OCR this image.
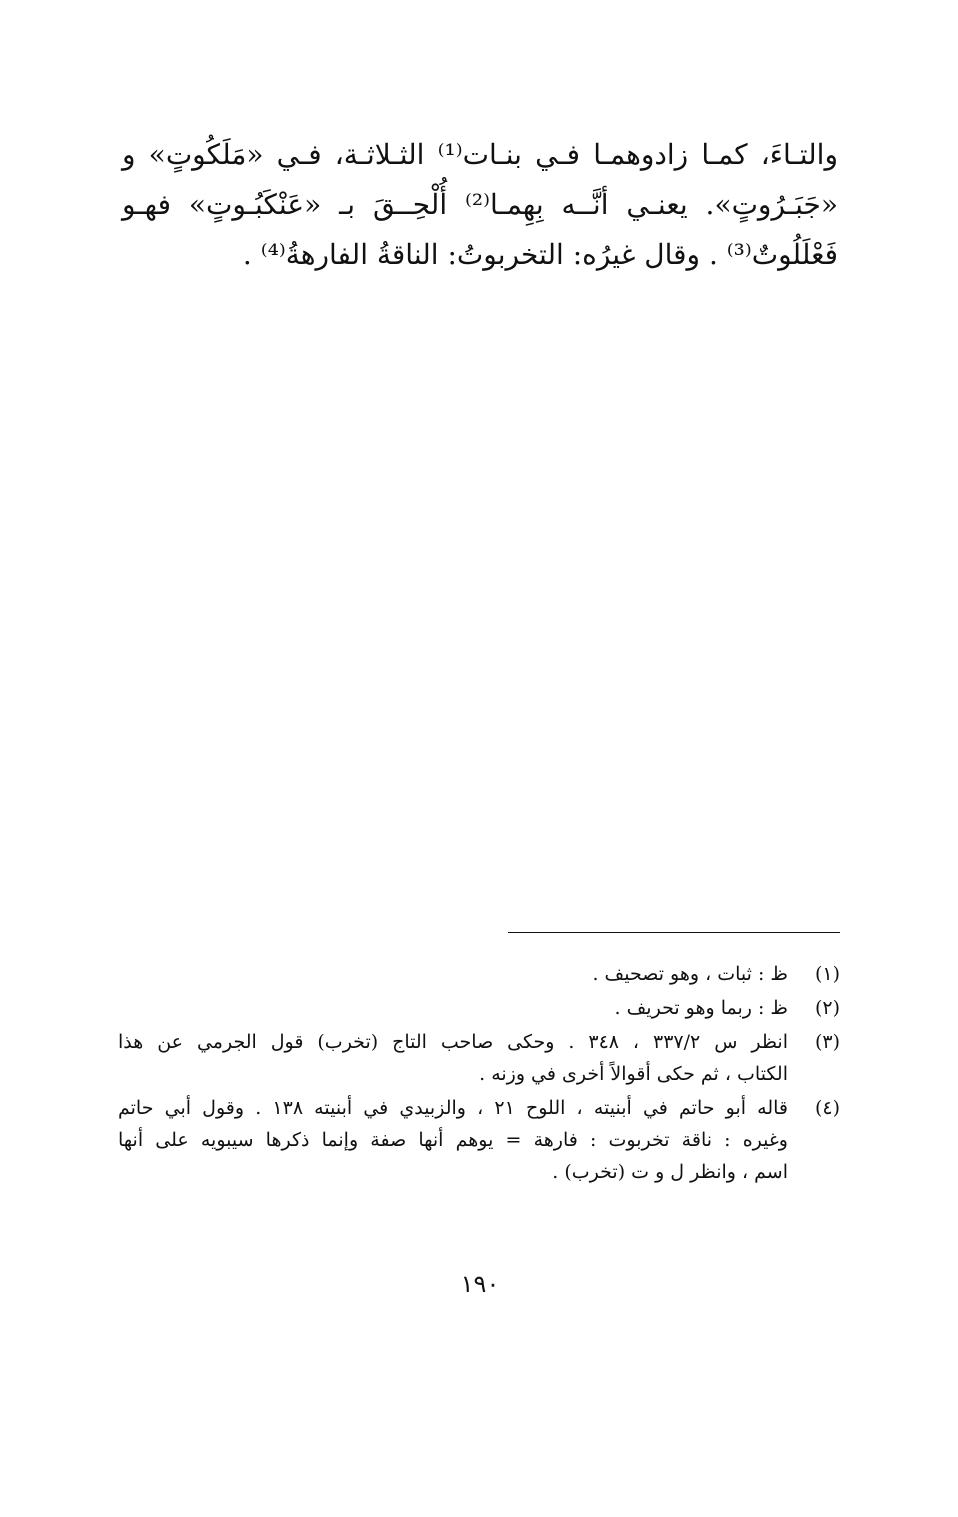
والتـاءَ، كمـا زادوهمـا فـي بنـات⁽¹⁾ الثـلاثـة، فـي «مَلَكُوتٍ» و
«جَبَـرُوتٍ». يعنـي أنَّــه بِهِمـا⁽²⁾ أُلْحِــقَ بـ «عَنْكَبُـوتٍ» فهـو
فَعْلَلُوتٌ⁽³⁾ . وقال غيرُه: التخربوتُ: الناقةُ الفارهةُ⁽⁴⁾ .
(١)
ظ : ثبات ، وهو تصحيف .
(٢)
ظ : ربما وهو تحريف .
(٣)
انظر س ٣٣٧/٢ ، ٣٤٨ . وحكى صاحب التاج (تخرب) قول الجرمي عن هذا
الكتاب ، ثم حكى أقوالاً أخرى في وزنه .
(٤)
قاله أبو حاتم في أبنيته ، اللوح ٢١ ، والزبيدي في أبنيته ١٣٨ . وقول أبي حاتم
وغيره : ناقة تخربوت : فارهة = يوهم أنها صفة وإنما ذكرها سيبويه على أنها
اسم ، وانظر ل و ت (تخرب) .
١٩٠
